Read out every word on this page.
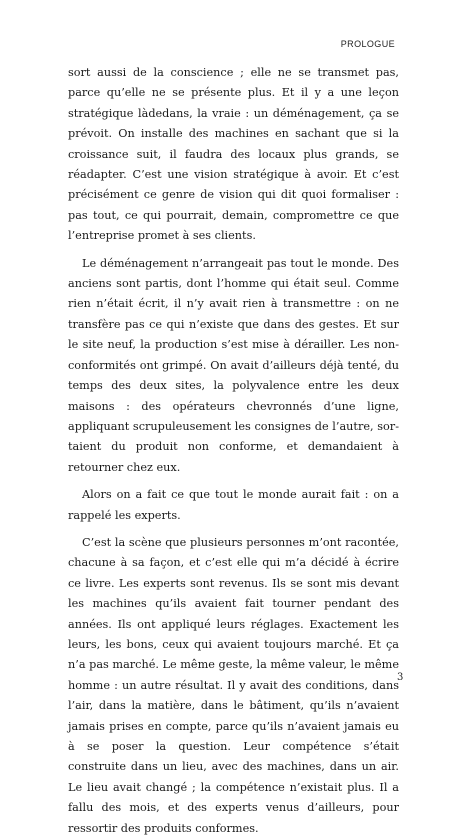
PROLOGUE

sort aussi de la conscience ; elle ne se transmet pas, parce qu’elle ne se présente plus. Et il y a une leçon stratégique làdedans, la vraie : un déménagement, ça se prévoit. On installe des machines en sachant que si la croissance suit, il faudra des locaux plus grands, se réadapter. C’est une vision stratégique à avoir. Et c’est précisément ce genre de vision qui dit quoi formaliser : pas tout, ce qui pourrait, demain, compromettre ce que l’entreprise promet à ses clients.

Le déménagement n’arrangeait pas tout le monde. Des anciens sont partis, dont l’homme qui était seul. Comme rien n’était écrit, il n’y avait rien à transmettre : on ne transfère pas ce qui n’existe que dans des gestes. Et sur le site neuf, la production s’est mise à dérailler. Les non-conformités ont grimpé. On avait d’ailleurs déjà tenté, du temps des deux sites, la polyvalence entre les deux maisons : des opérateurs chevronnés d’une ligne, appliquant scrupuleusement les consignes de l’autre, sortaient du produit non conforme, et demandaient à retourner chez eux.

Alors on a fait ce que tout le monde aurait fait : on a rappelé les experts.

C’est la scène que plusieurs personnes m’ont racontée, chacune à sa façon, et c’est elle qui m’a décidé à écrire ce livre. Les experts sont revenus. Ils se sont mis devant les machines qu’ils avaient fait tourner pendant des années. Ils ont appliqué leurs réglages. Exactement les leurs, les bons, ceux qui avaient toujours marché. Et ça n’a pas marché. Le même geste, la même valeur, le même homme : un autre résultat. Il y avait des conditions, dans l’air, dans la matière, dans le bâtiment, qu’ils n’avaient jamais prises en compte, parce qu’ils n’avaient jamais eu à se poser la question. Leur compétence s’était construite dans un lieu, avec des machines, dans un air. Le lieu avait changé ; la compétence n’existait plus. Il a fallu des mois, et des experts venus d’ailleurs, pour ressortir des produits conformes.

3
